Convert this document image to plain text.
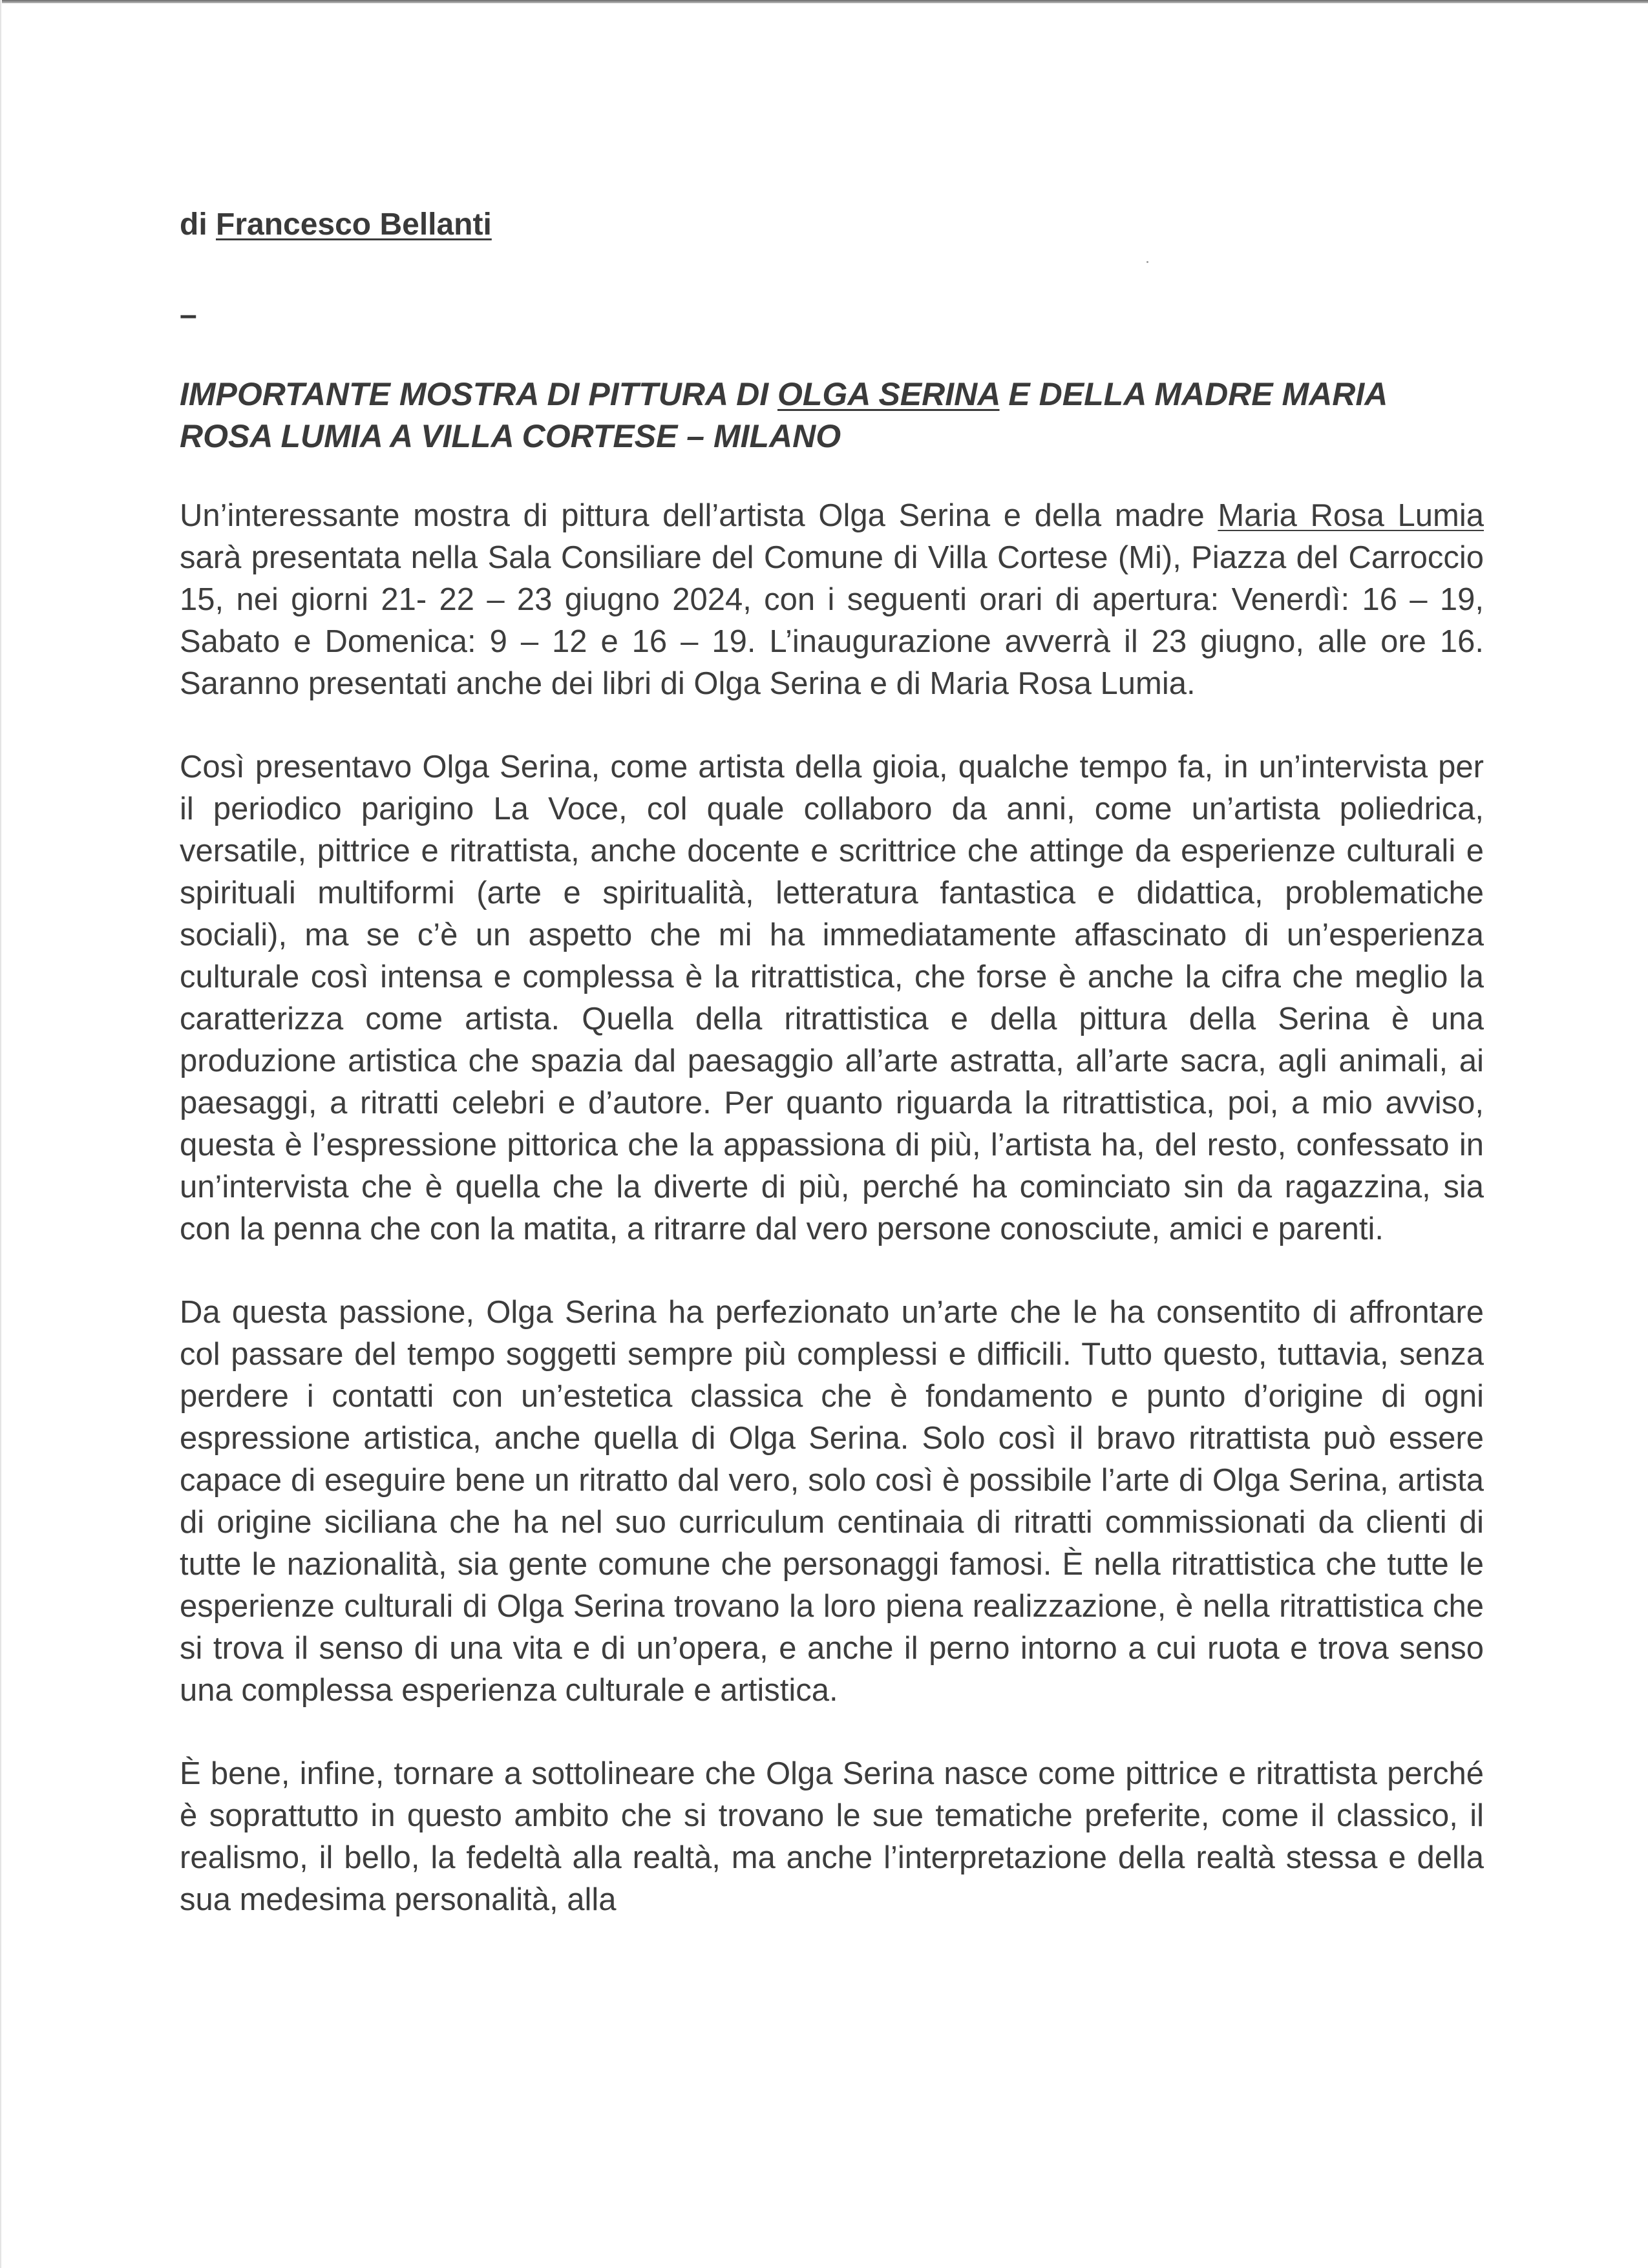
di Francesco Bellanti

–

IMPORTANTE MOSTRA DI PITTURA DI OLGA SERINA E DELLA MADRE MARIA ROSA LUMIA A VILLA CORTESE – MILANO

Un’interessante mostra di pittura dell’artista Olga Serina e della madre Maria Rosa Lumia sarà presentata nella Sala Consiliare del Comune di Villa Cortese (Mi), Piazza del Carroccio 15, nei giorni 21- 22 – 23 giugno 2024, con i seguenti orari di apertura: Venerdì: 16 – 19, Sabato e Domenica: 9 – 12 e 16 – 19. L’inaugurazione avverrà il 23 giugno, alle ore 16. Saranno presentati anche dei libri di Olga Serina e di Maria Rosa Lumia.

Così presentavo Olga Serina, come artista della gioia, qualche tempo fa, in un’intervista per il periodico parigino La Voce, col quale collaboro da anni, come un’artista poliedrica, versatile, pittrice e ritrattista, anche docente e scrittrice che attinge da esperienze culturali e spirituali multiformi (arte e spiritualità, letteratura fantastica e didattica, problematiche sociali), ma se c’è un aspetto che mi ha immediatamente affascinato di un’esperienza culturale così intensa e complessa è la ritrattistica, che forse è anche la cifra che meglio la caratterizza come artista. Quella della ritrattistica e della pittura della Serina è una produzione artistica che spazia dal paesaggio all’arte astratta, all’arte sacra, agli animali, ai paesaggi, a ritratti celebri e d’autore. Per quanto riguarda la ritrattistica, poi, a mio avviso, questa è l’espressione pittorica che la appassiona di più, l’artista ha, del resto, confessato in un’intervista che è quella che la diverte di più, perché ha cominciato sin da ragazzina, sia con la penna che con la matita, a ritrarre dal vero persone conosciute, amici e parenti.

Da questa passione, Olga Serina ha perfezionato un’arte che le ha consentito di affrontare col passare del tempo soggetti sempre più complessi e difficili. Tutto questo, tuttavia, senza perdere i contatti con un’estetica classica che è fondamento e punto d’origine di ogni espressione artistica, anche quella di Olga Serina. Solo così il bravo ritrattista può essere capace di eseguire bene un ritratto dal vero, solo così è possibile l’arte di Olga Serina, artista di origine siciliana che ha nel suo curriculum centinaia di ritratti commissionati da clienti di tutte le nazionalità, sia gente comune che personaggi famosi. È nella ritrattistica che tutte le esperienze culturali di Olga Serina trovano la loro piena realizzazione, è nella ritrattistica che si trova il senso di una vita e di un’opera, e anche il perno intorno a cui ruota e trova senso una complessa esperienza culturale e artistica.

È bene, infine, tornare a sottolineare che Olga Serina nasce come pittrice e ritrattista perché è soprattutto in questo ambito che si trovano le sue tematiche preferite, come il classico, il realismo, il bello, la fedeltà alla realtà, ma anche l’interpretazione della realtà stessa e della sua medesima personalità, alla
